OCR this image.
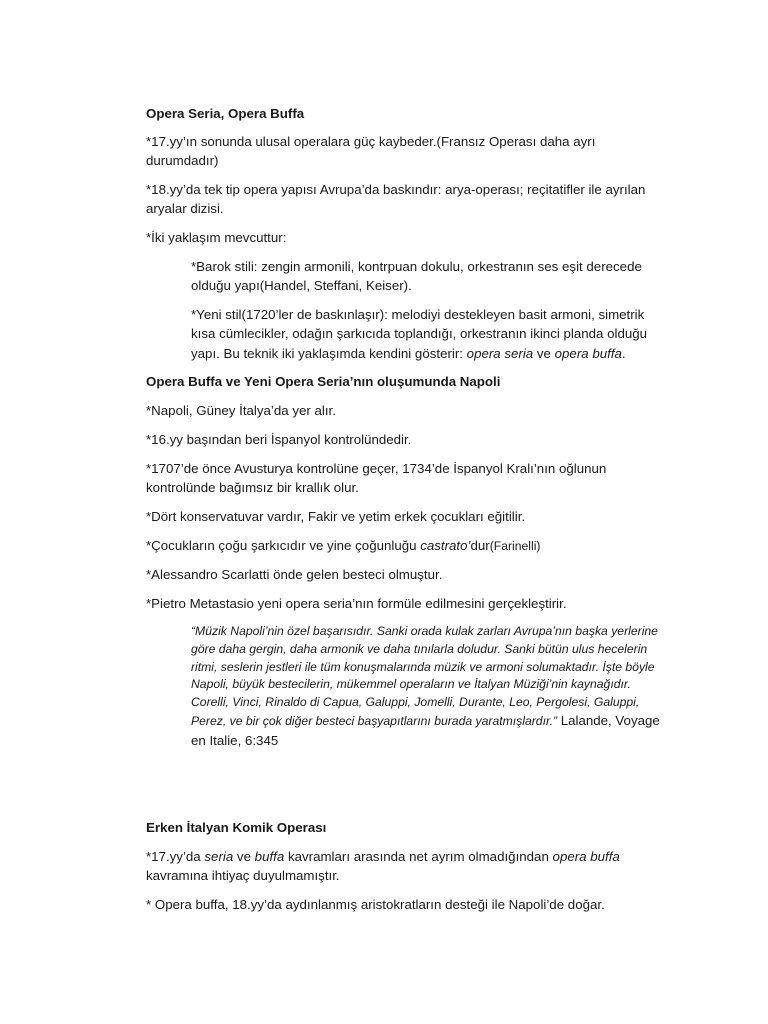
Opera Seria, Opera Buffa

*17.yy’ın sonunda ulusal operalara güç kaybeder.(Fransız Operası daha ayrı

durumdadır)

*18.yy’da tek tip opera yapısı Avrupa’da baskındır: arya-operası; reçitatifler ile ayrılan

aryalar dizisi.

*İki yaklaşım mevcuttur:

*Barok stili: zengin armonili, kontrpuan dokulu, orkestranın ses eşit derecede

olduğu yapı(Handel, Steffani, Keiser).

*Yeni stil(1720’ler de baskınlaşır): melodiyi destekleyen basit armoni, simetrik

kısa cümlecikler, odağın şarkıcıda toplandığı, orkestranın ikinci planda olduğu

yapı. Bu teknik iki yaklaşımda kendini gösterir: opera seria ve opera buffa.

Opera Buffa ve Yeni Opera Seria’nın oluşumunda Napoli

*Napoli, Güney İtalya’da yer alır.

*16.yy başından beri İspanyol kontrolündedir.

*1707’de önce Avusturya kontrolüne geçer, 1734’de İspanyol Kralı’nın oğlunun

kontrolünde bağımsız bir krallık olur.

*Dört konservatuvar vardır, Fakir ve yetim erkek çocukları eğitilir.

*Çocukların çoğu şarkıcıdır ve yine çoğunluğu castrato’dur(Farinelli)

*Alessandro Scarlatti önde gelen besteci olmuştur.

*Pietro Metastasio yeni opera seria’nın formüle edilmesini gerçekleştirir.

“Müzik Napoli’nin özel başarısıdır. Sanki orada kulak zarları Avrupa’nın başka yerlerine

göre daha gergin, daha armonik ve daha tınılarla doludur. Sanki bütün ulus hecelerin

ritmi, seslerin jestleri ile tüm konuşmalarında müzik ve armoni solumaktadır. İşte böyle

Napoli, büyük bestecilerin, mükemmel operaların ve İtalyan Müziği’nin kaynağıdır.

Corelli, Vinci, Rinaldo di Capua, Galuppi, Jomelli, Durante, Leo, Pergolesi, Galuppi,

Perez, ve bir çok diğer besteci başyapıtlarını burada yaratmışlardır.” Lalande, Voyage

en Italie, 6:345

Erken İtalyan Komik Operası

*17.yy’da seria ve buffa kavramları arasında net ayrım olmadığından opera buffa

kavramına ihtiyaç duyulmamıştır.

* Opera buffa, 18.yy’da aydınlanmış aristokratların desteği ile Napoli’de doğar.
